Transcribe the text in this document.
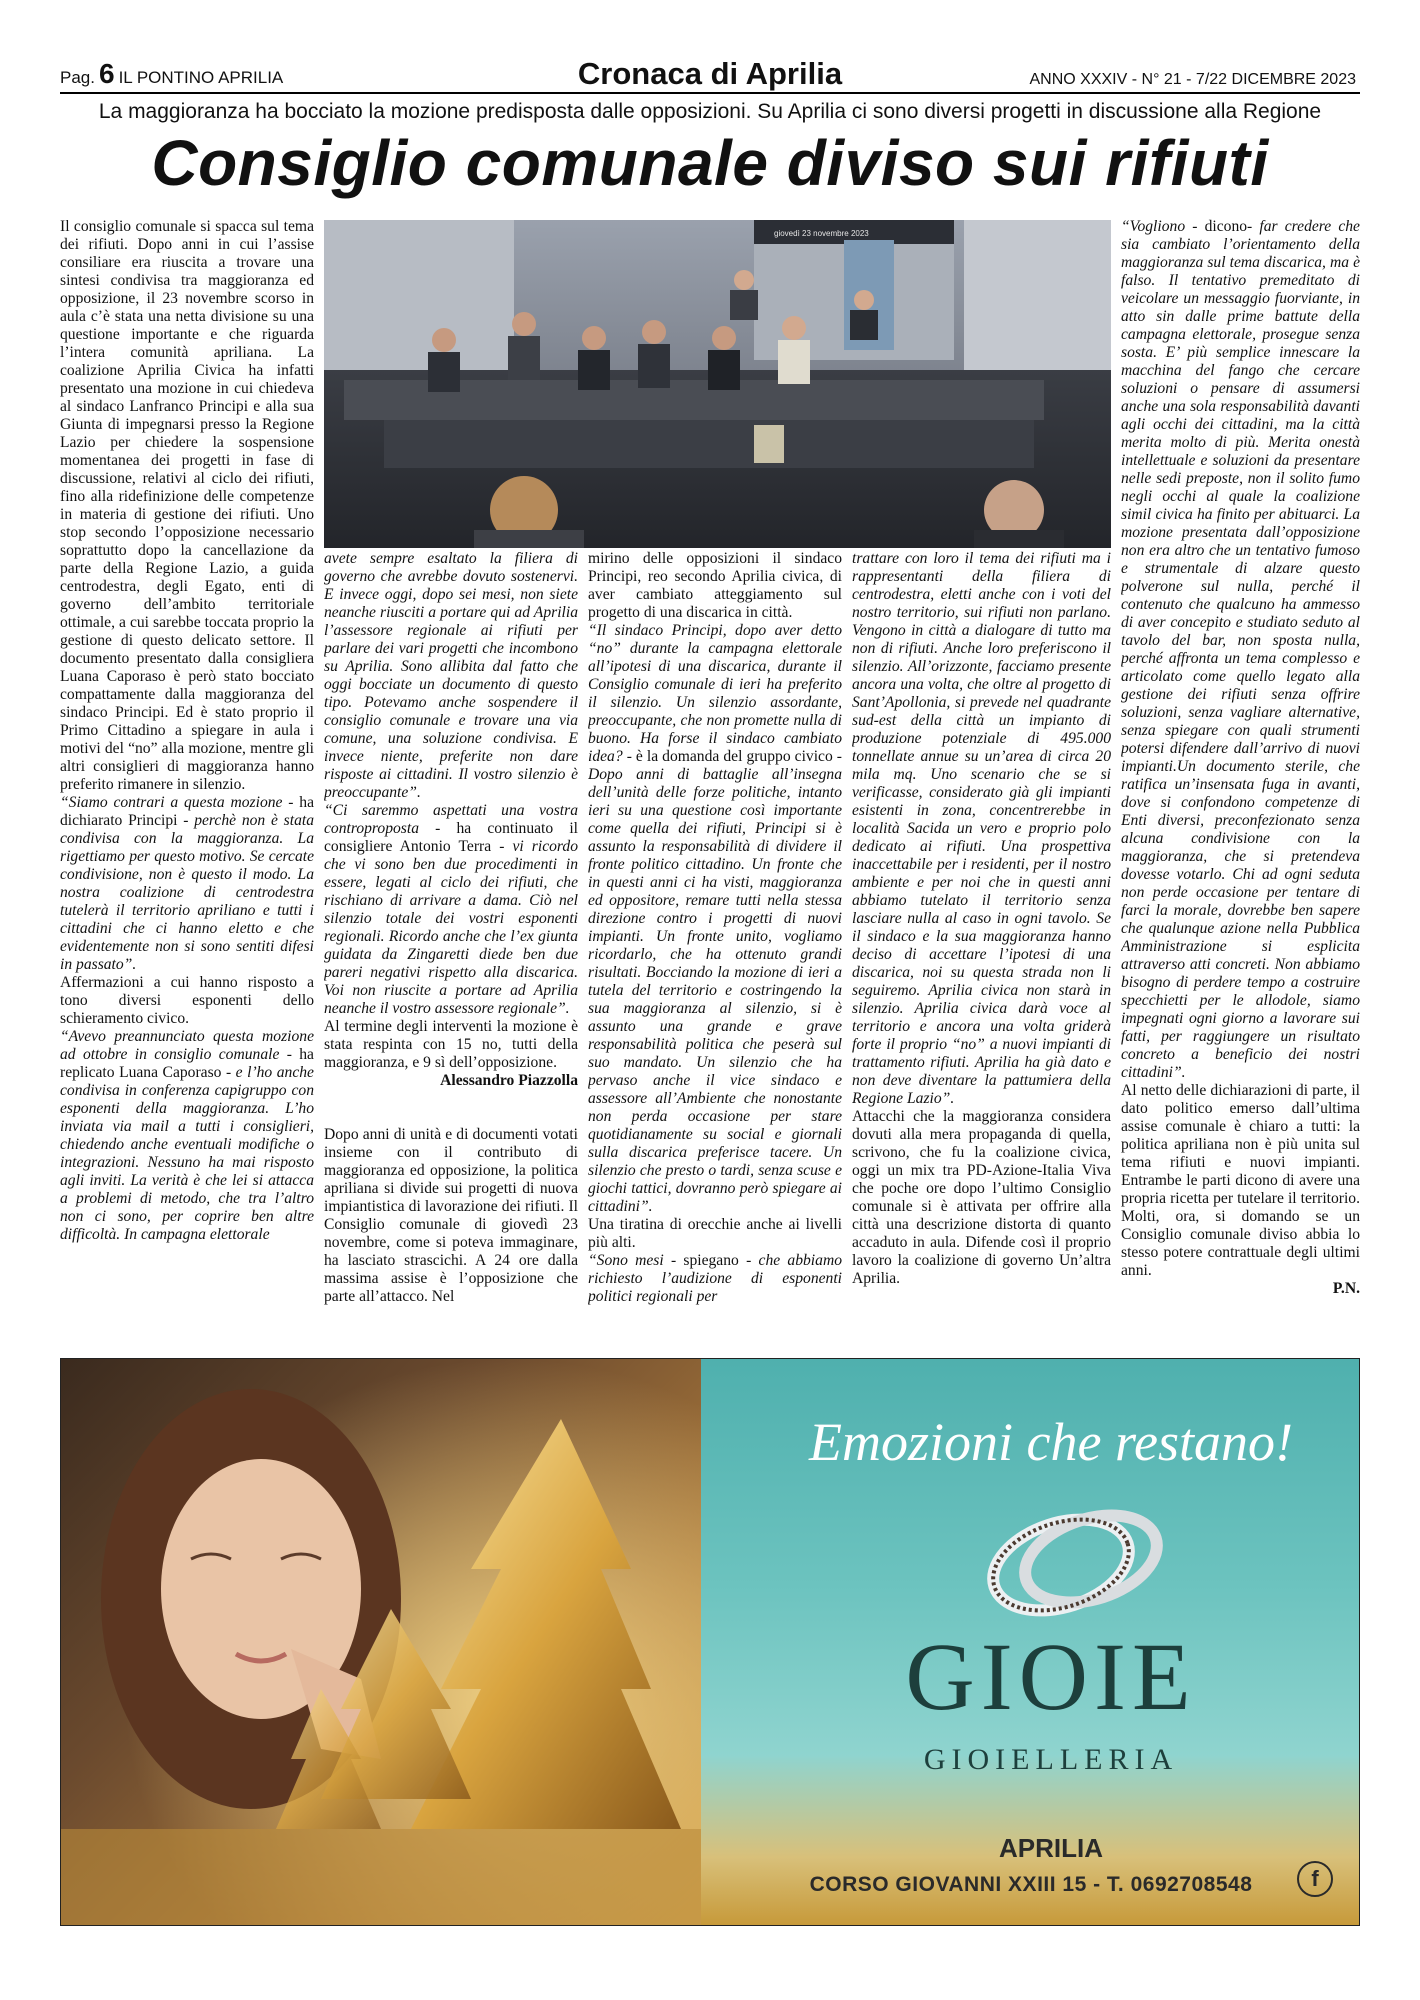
Pag. 6 IL PONTINO APRILIA	Cronaca di Aprilia	ANNO XXXIV - N° 21 - 7/22 DICEMBRE 2023
La maggioranza ha bocciato la mozione predisposta dalle opposizioni. Su Aprilia ci sono diversi progetti in discussione alla Regione
Consiglio comunale diviso sui rifiuti

Il consiglio comunale si spacca sul tema dei rifiuti. Dopo anni in cui l’assise consiliare era riuscita a trovare una sintesi condivisa tra maggioranza ed opposizione, il 23 novembre scorso in aula c’è stata una netta divisione su una questione importante e che riguarda l’intera comunità apriliana. La coalizione Aprilia Civica ha infatti presentato una mozione in cui chiedeva al sindaco Lanfranco Principi e alla sua Giunta di impegnarsi presso la Regione Lazio per chiedere la sospensione momentanea dei progetti in fase di discussione, relativi al ciclo dei rifiuti, fino alla ridefinizione delle competenze in materia di gestione dei rifiuti. Uno stop secondo l’opposizione necessario soprattutto dopo la cancellazione da parte della Regione Lazio, a guida centrodestra, degli Egato, enti di governo dell’ambito territoriale ottimale, a cui sarebbe toccata proprio la gestione di questo delicato settore. Il documento presentato dalla consigliera Luana Caporaso è però stato bocciato compattamente dalla maggioranza del sindaco Principi. Ed è stato proprio il Primo Cittadino a spiegare in aula i motivi del “no” alla mozione, mentre gli altri consiglieri di maggioranza hanno preferito rimanere in silenzio.

“Siamo contrari a questa mozione - ha dichiarato Principi - perchè non è stata condivisa con la maggioranza. La rigettiamo per questo motivo. Se cercate condivisione, non è questo il modo. La nostra coalizione di centrodestra tutelerà il territorio apriliano e tutti i cittadini che ci hanno eletto e che evidentemente non si sono sentiti difesi in passato”.

Affermazioni a cui hanno risposto a tono diversi esponenti dello schieramento civico.

“Avevo preannunciato questa mozione ad ottobre in consiglio comunale - ha replicato Luana Caporaso - e l’ho anche condivisa in conferenza capigruppo con esponenti della maggioranza. L’ho inviata via mail a tutti i consiglieri, chiedendo anche eventuali modifiche o integrazioni. Nessuno ha mai risposto agli inviti. La verità è che lei si attacca a problemi di metodo, che tra l’altro non ci sono, per coprire ben altre difficoltà. In campagna elettorale

giovedì 23 novembre 2023

avete sempre esaltato la filiera di governo che avrebbe dovuto sostenervi. E invece oggi, dopo sei mesi, non siete neanche riusciti a portare qui ad Aprilia l’assessore regionale ai rifiuti per parlare dei vari progetti che incombono su Aprilia. Sono allibita dal fatto che oggi bocciate un documento di questo tipo. Potevamo anche sospendere il consiglio comunale e trovare una via comune, una soluzione condivisa. E invece niente, preferite non dare risposte ai cittadini. Il vostro silenzio è preoccupante”.

“Ci saremmo aspettati una vostra controproposta - ha continuato il consigliere Antonio Terra - vi ricordo che vi sono ben due procedimenti in essere, legati al ciclo dei rifiuti, che rischiano di arrivare a dama. Ciò nel silenzio totale dei vostri esponenti regionali. Ricordo anche che l’ex giunta guidata da Zingaretti diede ben due pareri negativi rispetto alla discarica. Voi non riuscite a portare ad Aprilia neanche il vostro assessore regionale”.

Al termine degli interventi la mozione è stata respinta con 15 no, tutti della maggioranza, e 9 sì dell’opposizione.

Alessandro Piazzolla

Dopo anni di unità e di documenti votati insieme con il contributo di maggioranza ed opposizione, la politica apriliana si divide sui progetti di nuova impiantistica di lavorazione dei rifiuti. Il Consiglio comunale di giovedì 23 novembre, come si poteva immaginare, ha lasciato strascichi. A 24 ore dalla massima assise è l’opposizione che parte all’attacco. Nel

mirino delle opposizioni il sindaco Principi, reo secondo Aprilia civica, di aver cambiato atteggiamento sul progetto di una discarica in città.

“Il sindaco Principi, dopo aver detto “no” durante la campagna elettorale all’ipotesi di una discarica, durante il Consiglio comunale di ieri ha preferito il silenzio. Un silenzio assordante, preoccupante, che non promette nulla di buono. Ha forse il sindaco cambiato idea? - è la domanda del gruppo civico - Dopo anni di battaglie all’insegna dell’unità delle forze politiche, intanto ieri su una questione così importante come quella dei rifiuti, Principi si è assunto la responsabilità di dividere il fronte politico cittadino. Un fronte che in questi anni ci ha visti, maggioranza ed oppositore, remare tutti nella stessa direzione contro i progetti di nuovi impianti. Un fronte unito, vogliamo ricordarlo, che ha ottenuto grandi risultati. Bocciando la mozione di ieri a tutela del territorio e costringendo la sua maggioranza al silenzio, si è assunto una grande e grave responsabilità politica che peserà sul suo mandato. Un silenzio che ha pervaso anche il vice sindaco e assessore all’Ambiente che nonostante non perda occasione per stare quotidianamente su social e giornali sulla discarica preferisce tacere. Un silenzio che presto o tardi, senza scuse e giochi tattici, dovranno però spiegare ai cittadini”.

Una tiratina di orecchie anche ai livelli più alti.

“Sono mesi - spiegano - che abbiamo richiesto l’audizione di esponenti politici regionali per

trattare con loro il tema dei rifiuti ma i rappresentanti della filiera di centrodestra, eletti anche con i voti del nostro territorio, sui rifiuti non parlano. Vengono in città a dialogare di tutto ma non di rifiuti. Anche loro preferiscono il silenzio. All’orizzonte, facciamo presente ancora una volta, che oltre al progetto di Sant’Apollonia, si prevede nel quadrante sud-est della città un impianto di produzione potenziale di 495.000 tonnellate annue su un’area di circa 20 mila mq. Uno scenario che se si verificasse, considerato già gli impianti esistenti in zona, concentrerebbe in località Sacida un vero e proprio polo dedicato ai rifiuti. Una prospettiva inaccettabile per i residenti, per il nostro ambiente e per noi che in questi anni abbiamo tutelato il territorio senza lasciare nulla al caso in ogni tavolo. Se il sindaco e la sua maggioranza hanno deciso di accettare l’ipotesi di una discarica, noi su questa strada non li seguiremo. Aprilia civica non starà in silenzio. Aprilia civica darà voce al territorio e ancora una volta griderà forte il proprio “no” a nuovi impianti di trattamento rifiuti. Aprilia ha già dato e non deve diventare la pattumiera della Regione Lazio”.

Attacchi che la maggioranza considera dovuti alla mera propaganda di quella, scrivono, che fu la coalizione civica, oggi un mix tra PD-Azione-Italia Viva che poche ore dopo l’ultimo Consiglio comunale si è attivata per offrire alla città una descrizione distorta di quanto accaduto in aula. Difende così il proprio lavoro la coalizione di governo Un’altra Aprilia.

“Vogliono - dicono- far credere che sia cambiato l’orientamento della maggioranza sul tema discarica, ma è falso. Il tentativo premeditato di veicolare un messaggio fuorviante, in atto sin dalle prime battute della campagna elettorale, prosegue senza sosta. E’ più semplice innescare la macchina del fango che cercare soluzioni o pensare di assumersi anche una sola responsabilità davanti agli occhi dei cittadini, ma la città merita molto di più. Merita onestà intellettuale e soluzioni da presentare nelle sedi preposte, non il solito fumo negli occhi al quale la coalizione simil civica ha finito per abituarci. La mozione presentata dall’opposizione non era altro che un tentativo fumoso e strumentale di alzare questo polverone sul nulla, perché il contenuto che qualcuno ha ammesso di aver concepito e studiato seduto al tavolo del bar, non sposta nulla, perché affronta un tema complesso e articolato come quello legato alla gestione dei rifiuti senza offrire soluzioni, senza vagliare alternative, senza spiegare con quali strumenti potersi difendere dall’arrivo di nuovi impianti.Un documento sterile, che ratifica un’insensata fuga in avanti, dove si confondono competenze di Enti diversi, preconfezionato senza alcuna condivisione con la maggioranza, che si pretendeva dovesse votarlo. Chi ad ogni seduta non perde occasione per tentare di farci la morale, dovrebbe ben sapere che qualunque azione nella Pubblica Amministrazione si esplicita attraverso atti concreti. Non abbiamo bisogno di perdere tempo a costruire specchietti per le allodole, siamo impegnati ogni giorno a lavorare sui fatti, per raggiungere un risultato concreto a beneficio dei nostri cittadini”.

Al netto delle dichiarazioni di parte, il dato politico emerso dall’ultima assise comunale è chiaro a tutti: la politica apriliana non è più unita sul tema rifiuti e nuovi impianti. Entrambe le parti dicono di avere una propria ricetta per tutelare il territorio. Molti, ora, si domando se un Consiglio comunale diviso abbia lo stesso potere contrattuale degli ultimi anni.

P.N.

Emozioni che restano!
GIOIE
GIOIELLERIA
APRILIA
CORSO GIOVANNI XXIII 15 - T. 0692708548	f
